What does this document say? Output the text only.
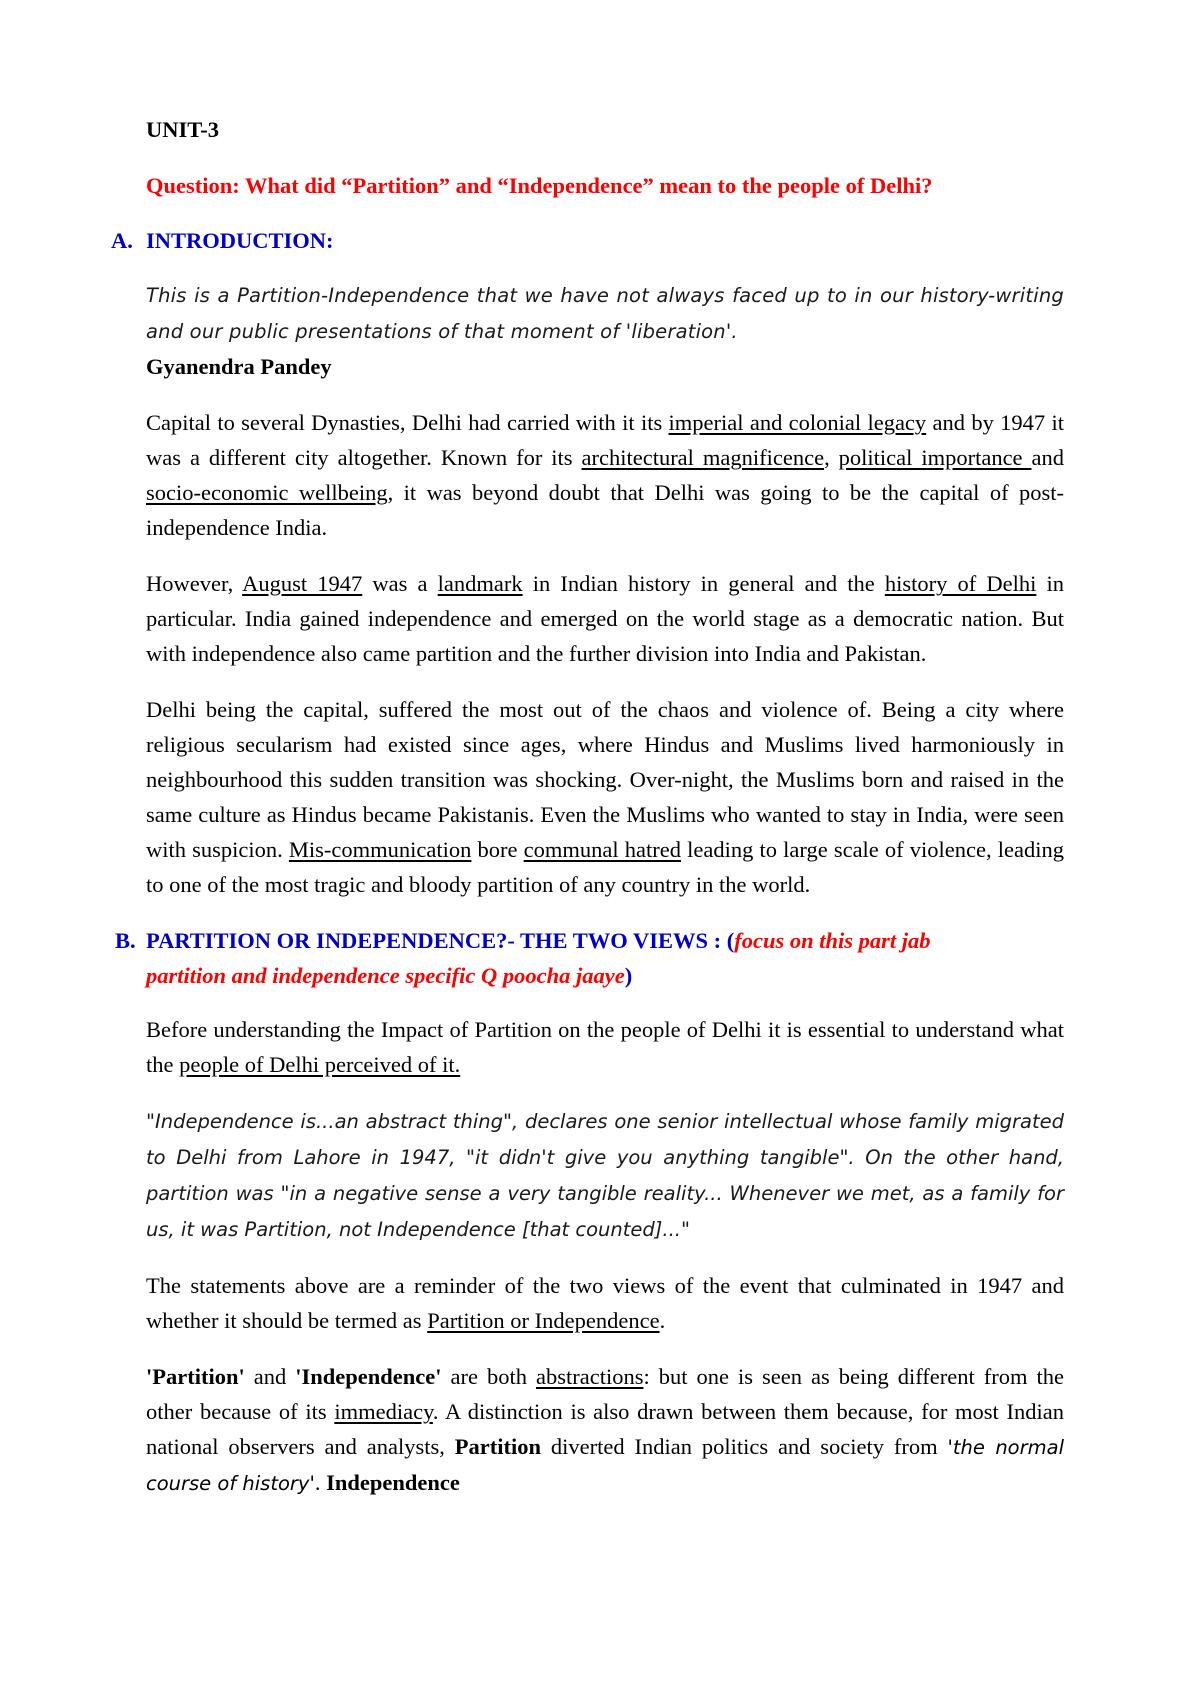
UNIT-3
Question: What did “Partition” and “Independence” mean to the people of Delhi?
A. INTRODUCTION:

This is a Partition-Independence that we have not always faced up to in our history-writing and our public presentations of that moment of 'liberation'.
Gyanendra Pandey

Capital to several Dynasties, Delhi had carried with it its imperial and colonial legacy and by 1947 it was a different city altogether. Known for its architectural magnificence, political importance and socio-economic wellbeing, it was beyond doubt that Delhi was going to be the capital of post-independence India.

However, August 1947 was a landmark in Indian history in general and the history of Delhi in particular. India gained independence and emerged on the world stage as a democratic nation. But with independence also came partition and the further division into India and Pakistan.

Delhi being the capital, suffered the most out of the chaos and violence of. Being a city where religious secularism had existed since ages, where Hindus and Muslims lived harmoniously in neighbourhood this sudden transition was shocking. Over-night, the Muslims born and raised in the same culture as Hindus became Pakistanis. Even the Muslims who wanted to stay in India, were seen with suspicion. Mis-communication bore communal hatred leading to large scale of violence, leading to one of the most tragic and bloody partition of any country in the world.

B. PARTITION OR INDEPENDENCE?- THE TWO VIEWS : (focus on this part jab
partition and independence specific Q poocha jaaye)

Before understanding the Impact of Partition on the people of Delhi it is essential to understand what the people of Delhi perceived of it.

"Independence is...an abstract thing", declares one senior intellectual whose family migrated to Delhi from Lahore in 1947, "it didn't give you anything tangible". On the other hand, partition was "in a negative sense a very tangible reality... Whenever we met, as a family for us, it was Partition, not Independence [that counted]..."

The statements above are a reminder of the two views of the event that culminated in 1947 and whether it should be termed as Partition or Independence.

'Partition' and 'Independence' are both abstractions: but one is seen as being different from the other because of its immediacy. A distinction is also drawn between them because, for most Indian national observers and analysts, Partition diverted Indian politics and society from 'the normal course of history'. Independence
